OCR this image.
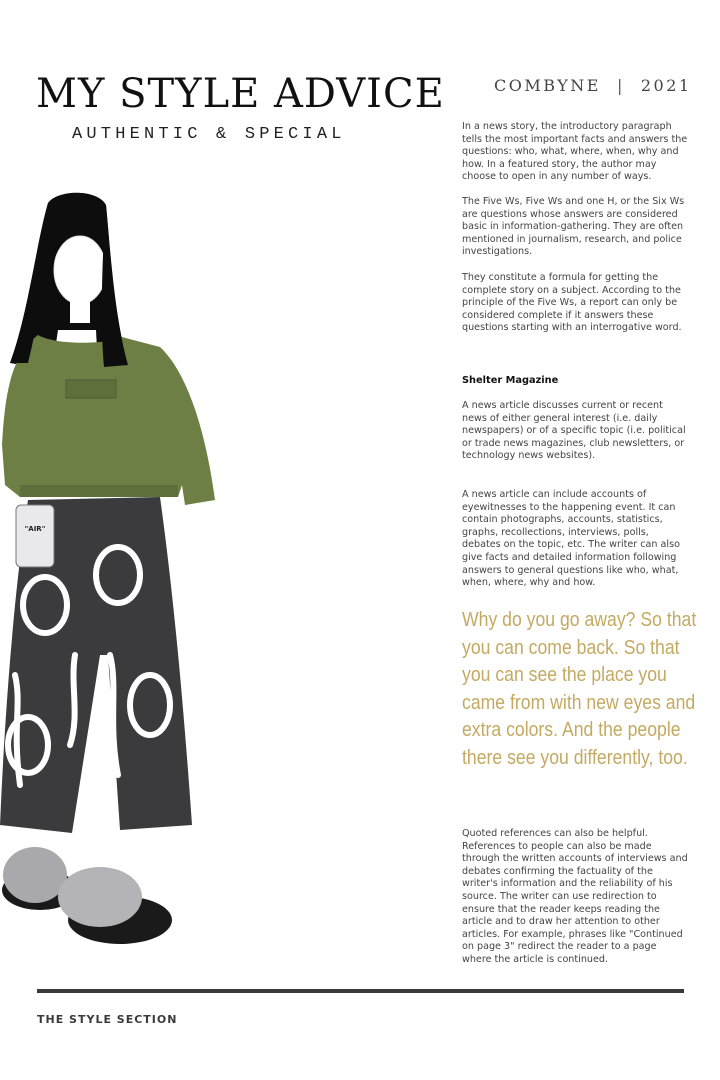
MY STYLE ADVICE
AUTHENTIC & SPECIAL
COMBYNE | 2021
In a news story, the introductory paragraph tells the most important facts and answers the questions: who, what, where, when, why and how. In a featured story, the author may choose to open in any number of ways.
The Five Ws, Five Ws and one H, or the Six Ws are questions whose answers are considered basic in information-gathering. They are often mentioned in journalism, research, and police investigations.
They constitute a formula for getting the complete story on a subject. According to the principle of the Five Ws, a report can only be considered complete if it answers these questions starting with an interrogative word.
Shelter Magazine
A news article discusses current or recent news of either general interest (i.e. daily newspapers) or of a specific topic (i.e. political or trade news magazines, club newsletters, or technology news websites).
A news article can include accounts of eyewitnesses to the happening event. It can contain photographs, accounts, statistics, graphs, recollections, interviews, polls, debates on the topic, etc. The writer can also give facts and detailed information following answers to general questions like who, what, when, where, why and how.
Why do you go away? So that you can come back. So that you can see the place you came from with new eyes and extra colors. And the people there see you differently, too.
Quoted references can also be helpful. References to people can also be made through the written accounts of interviews and debates confirming the factuality of the writer's information and the reliability of his source. The writer can use redirection to ensure that the reader keeps reading the article and to draw her attention to other articles. For example, phrases like "Continued on page 3" redirect the reader to a page where the article is continued.
THE STYLE SECTION
"AIR"
